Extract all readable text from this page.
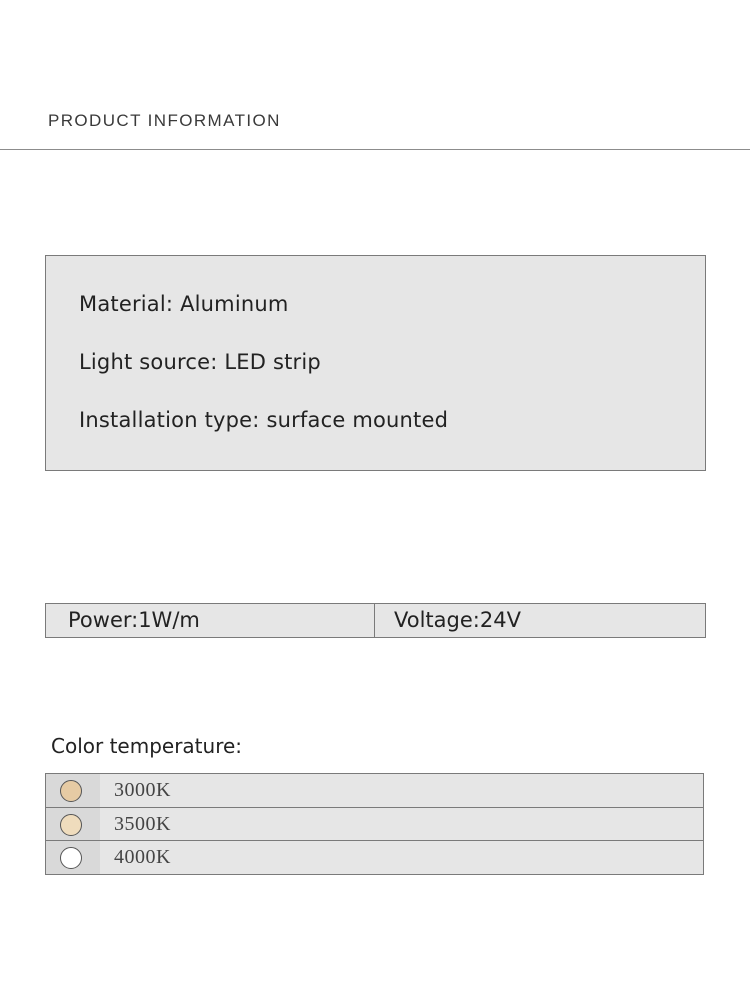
PRODUCT INFORMATION
Material: Aluminum
Light source: LED strip
Installation type: surface mounted
Power:1W/m	Voltage:24V
Color temperature:
3000K
3500K
4000K
